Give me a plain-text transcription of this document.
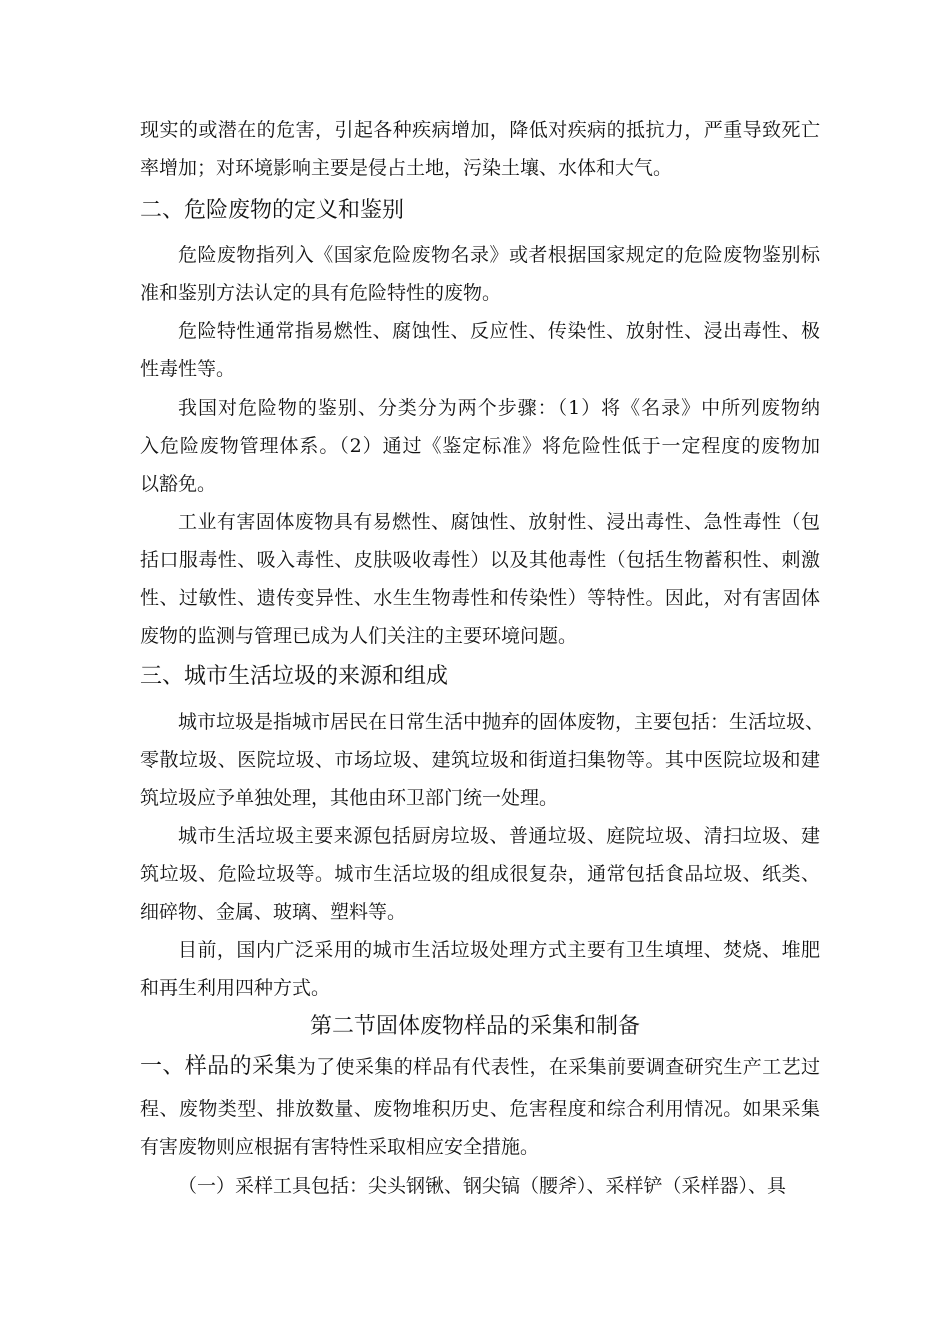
现实的或潜在的危害，引起各种疾病增加，降低对疾病的抵抗力，严重导致死亡
率增加；对环境影响主要是侵占土地，污染土壤、水体和大气。
二、危险废物的定义和鉴别
危险废物指列入《国家危险废物名录》或者根据国家规定的危险废物鉴别标
准和鉴别方法认定的具有危险特性的废物。
危险特性通常指易燃性、腐蚀性、反应性、传染性、放射性、浸出毒性、极
性毒性等。
我国对危险物的鉴别、分类分为两个步骤：（1）将《名录》中所列废物纳
入危险废物管理体系。（2）通过《鉴定标准》将危险性低于一定程度的废物加
以豁免。
工业有害固体废物具有易燃性、腐蚀性、放射性、浸出毒性、急性毒性（包
括口服毒性、吸入毒性、皮肤吸收毒性）以及其他毒性（包括生物蓄积性、刺激
性、过敏性、遗传变异性、水生生物毒性和传染性）等特性。因此，对有害固体
废物的监测与管理已成为人们关注的主要环境问题。
三、城市生活垃圾的来源和组成
城市垃圾是指城市居民在日常生活中抛弃的固体废物，主要包括：生活垃圾、
零散垃圾、医院垃圾、市场垃圾、建筑垃圾和街道扫集物等。其中医院垃圾和建
筑垃圾应予单独处理，其他由环卫部门统一处理。
城市生活垃圾主要来源包括厨房垃圾、普通垃圾、庭院垃圾、清扫垃圾、建
筑垃圾、危险垃圾等。城市生活垃圾的组成很复杂，通常包括食品垃圾、纸类、
细碎物、金属、玻璃、塑料等。
目前，国内广泛采用的城市生活垃圾处理方式主要有卫生填埋、焚烧、堆肥
和再生利用四种方式。
第二节固体废物样品的采集和制备
一、样品的采集为了使采集的样品有代表性，在采集前要调查研究生产工艺过
程、废物类型、排放数量、废物堆积历史、危害程度和综合利用情况。如果采集
有害废物则应根据有害特性采取相应安全措施。
（一）采样工具包括：尖头钢锹、钢尖镐（腰斧）、采样铲（采样器）、具
